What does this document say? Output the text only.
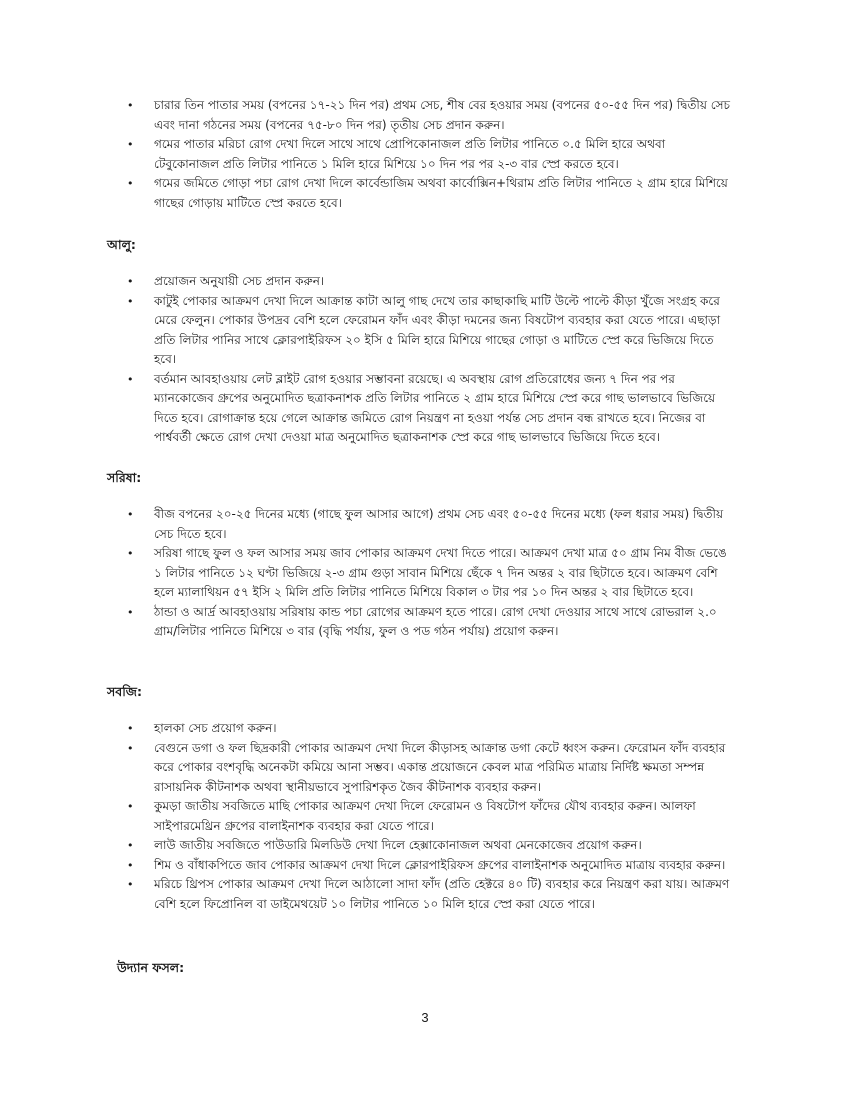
• চারার তিন পাতার সময় (বপনের ১৭-২১ দিন পর) প্রথম সেচ, শীষ বের হওয়ার সময় (বপনের ৫০-৫৫ দিন পর) দ্বিতীয় সেচ এবং দানা গঠনের সময় (বপনের ৭৫-৮০ দিন পর) তৃতীয় সেচ প্রদান করুন।
• গমের পাতার মরিচা রোগ দেখা দিলে সাথে সাথে প্রোপিকোনাজল প্রতি লিটার পানিতে ০.৫ মিলি হারে অথবা টেবুকোনাজল প্রতি লিটার পানিতে ১ মিলি হারে মিশিয়ে ১০ দিন পর পর ২-৩ বার স্প্রে করতে হবে।
• গমের জমিতে গোড়া পচা রোগ দেখা দিলে কার্বেন্ডাজিম অথবা কার্বোক্সিন+থিরাম প্রতি লিটার পানিতে ২ গ্রাম হারে মিশিয়ে গাছের গোড়ায় মাটিতে স্প্রে করতে হবে।
আলু:
• প্রয়োজন অনুযায়ী সেচ প্রদান করুন।
• কাটুই পোকার আক্রমণ দেখা দিলে আক্রান্ত কাটা আলু গাছ দেখে তার কাছাকাছি মাটি উল্টে পাল্টে কীড়া খুঁজে সংগ্রহ করে মেরে ফেলুন। পোকার উপদ্রব বেশি হলে ফেরোমন ফাঁদ এবং কীড়া দমনের জন্য বিষটোপ ব্যবহার করা যেতে পারে। এছাড়া প্রতি লিটার পানির সাথে ক্লোরপাইরিফস ২০ ইসি ৫ মিলি হারে মিশিয়ে গাছের গোড়া ও মাটিতে স্প্রে করে ভিজিয়ে দিতে হবে।
• বর্তমান আবহাওয়ায় লেট ব্লাইট রোগ হওয়ার সম্ভাবনা রয়েছে। এ অবস্থায় রোগ প্রতিরোধের জন্য ৭ দিন পর পর ম্যানকোজেব গ্রুপের অনুমোদিত ছত্রাকনাশক প্রতি লিটার পানিতে ২ গ্রাম হারে মিশিয়ে স্প্রে করে গাছ ভালভাবে ভিজিয়ে দিতে হবে। রোগাক্রান্ত হয়ে গেলে আক্রান্ত জমিতে রোগ নিয়ন্ত্রণ না হওয়া পর্যন্ত সেচ প্রদান বন্ধ রাখতে হবে। নিজের বা পার্শ্ববর্তী ক্ষেতে রোগ দেখা দেওয়া মাত্র অনুমোদিত ছত্রাকনাশক স্প্রে করে গাছ ভালভাবে ভিজিয়ে দিতে হবে।
সরিষা:
• বীজ বপনের ২০-২৫ দিনের মধ্যে (গাছে ফুল আসার আগে) প্রথম সেচ এবং ৫০-৫৫ দিনের মধ্যে (ফল ধরার সময়) দ্বিতীয় সেচ দিতে হবে।
• সরিষা গাছে ফুল ও ফল আসার সময় জাব পোকার আক্রমণ দেখা দিতে পারে। আক্রমণ দেখা মাত্র ৫০ গ্রাম নিম বীজ ভেঙে ১ লিটার পানিতে ১২ ঘণ্টা ভিজিয়ে ২-৩ গ্রাম গুড়া সাবান মিশিয়ে ছেঁকে ৭ দিন অন্তর ২ বার ছিটাতে হবে। আক্রমণ বেশি হলে ম্যালাথিয়ন ৫৭ ইসি ২ মিলি প্রতি লিটার পানিতে মিশিয়ে বিকাল ৩ টার পর ১০ দিন অন্তর ২ বার ছিটাতে হবে।
• ঠান্ডা ও আর্দ্র আবহাওয়ায় সরিষায় কান্ড পচা রোগের আক্রমণ হতে পারে। রোগ দেখা দেওয়ার সাথে সাথে রোভরাল ২.০ গ্রাম/লিটার পানিতে মিশিয়ে ৩ বার (বৃদ্ধি পর্যায়, ফুল ও পড গঠন পর্যায়) প্রয়োগ করুন।
সবজি:
• হালকা সেচ প্রয়োগ করুন।
• বেগুনে ডগা ও ফল ছিদ্রকারী পোকার আক্রমণ দেখা দিলে কীড়াসহ আক্রান্ত ডগা কেটে ধ্বংস করুন। ফেরোমন ফাঁদ ব্যবহার করে পোকার বংশবৃদ্ধি অনেকটা কমিয়ে আনা সম্ভব। একান্ত প্রয়োজনে কেবল মাত্র পরিমিত মাত্রায় নির্দিষ্ট ক্ষমতা সম্পন্ন রাসায়নিক কীটনাশক অথবা স্থানীয়ভাবে সুপারিশকৃত জৈব কীটনাশক ব্যবহার করুন।
• কুমড়া জাতীয় সবজিতে মাছি পোকার আক্রমণ দেখা দিলে ফেরোমন ও বিষটোপ ফাঁদের যৌথ ব্যবহার করুন। আলফা সাইপারমেথ্রিন গ্রুপের বালাইনাশক ব্যবহার করা যেতে পারে।
• লাউ জাতীয় সবজিতে পাউডারি মিলডিউ দেখা দিলে হেক্সাকোনাজল অথবা মেনকোজেব প্রয়োগ করুন।
• শিম ও বাঁধাকপিতে জাব পোকার আক্রমণ দেখা দিলে ক্লোরপাইরিফস গ্রুপের বালাইনাশক অনুমোদিত মাত্রায় ব্যবহার করুন।
• মরিচে থ্রিপস পোকার আক্রমণ দেখা দিলে আঠালো সাদা ফাঁদ (প্রতি হেক্টরে ৪০ টি) ব্যবহার করে নিয়ন্ত্রণ করা যায়। আক্রমণ বেশি হলে ফিপ্রোনিল বা ডাইমেথয়েট ১০ লিটার পানিতে ১০ মিলি হারে স্প্রে করা যেতে পারে।
উদ্যান ফসল:
3
